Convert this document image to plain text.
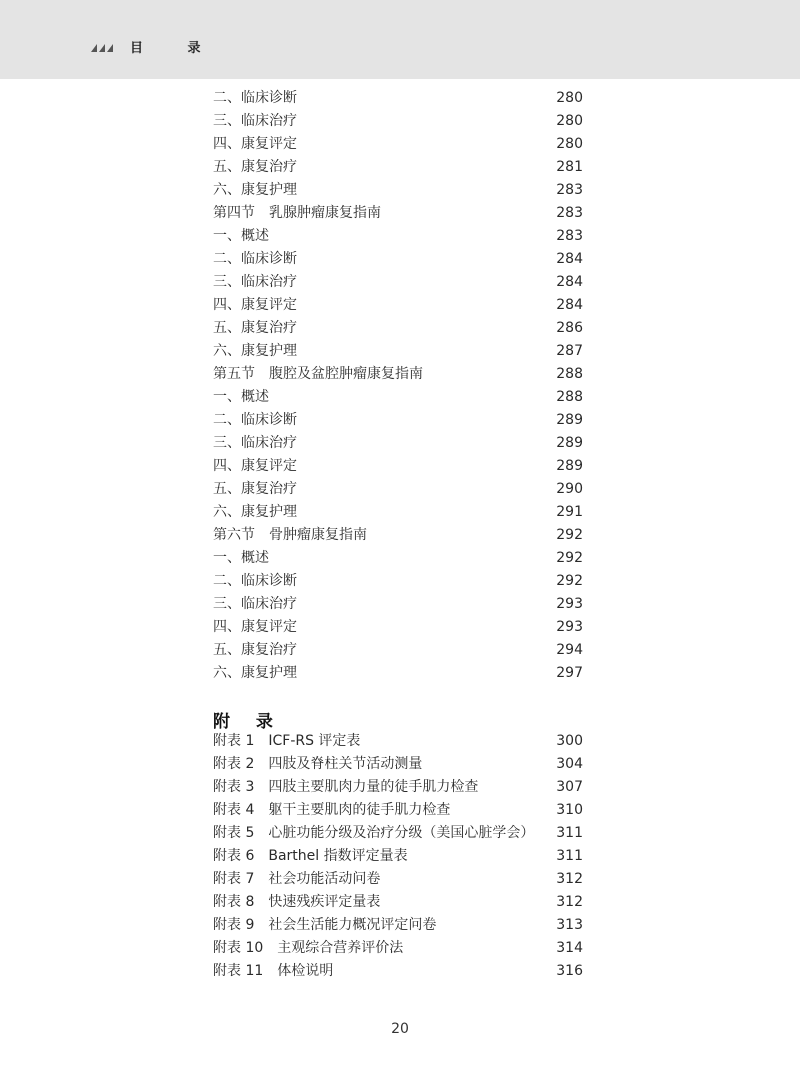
目 录
二、临床诊断	280
三、临床治疗	280
四、康复评定	280
五、康复治疗	281
六、康复护理	283
第四节　乳腺肿瘤康复指南	283
一、概述	283
二、临床诊断	284
三、临床治疗	284
四、康复评定	284
五、康复治疗	286
六、康复护理	287
第五节　腹腔及盆腔肿瘤康复指南	288
一、概述	288
二、临床诊断	289
三、临床治疗	289
四、康复评定	289
五、康复治疗	290
六、康复护理	291
第六节　骨肿瘤康复指南	292
一、概述	292
二、临床诊断	292
三、临床治疗	293
四、康复评定	293
五、康复治疗	294
六、康复护理	297
附 录
附表 1　ICF-RS 评定表	300
附表 2　四肢及脊柱关节活动测量	304
附表 3　四肢主要肌肉力量的徒手肌力检查	307
附表 4　躯干主要肌肉的徒手肌力检查	310
附表 5　心脏功能分级及治疗分级（美国心脏学会） 311
附表 6　Barthel 指数评定量表	311
附表 7　社会功能活动问卷	312
附表 8　快速残疾评定量表	312
附表 9　社会生活能力概况评定问卷	313
附表 10　主观综合营养评价法	314
附表 11　体检说明	316
20
